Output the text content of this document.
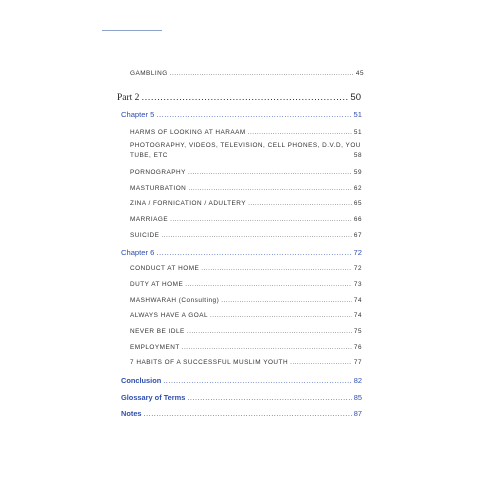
GAMBLING .....	45
Part 2 .....	50
Chapter 5 .....	51
HARMS OF LOOKING AT HARAAM .....	51
PHOTOGRAPHY, VIDEOS, TELEVISION, CELL PHONES, D.V.D, YOU
TUBE, ETC	58
PORNOGRAPHY .....	59
MASTURBATION .....	62
ZINA / FORNICATION / ADULTERY .....	65
MARRIAGE .....	66
SUICIDE .....	67
Chapter 6 .....	72
CONDUCT AT HOME .....	72
DUTY AT HOME .....	73
MASHWARAH (Consulting) .....	74
ALWAYS HAVE A GOAL .....	74
NEVER BE IDLE .....	75
EMPLOYMENT .....	76
7 HABITS OF A SUCCESSFUL MUSLIM YOUTH .....	77
Conclusion .....	82
Glossary of Terms .....	85
Notes .....	87
